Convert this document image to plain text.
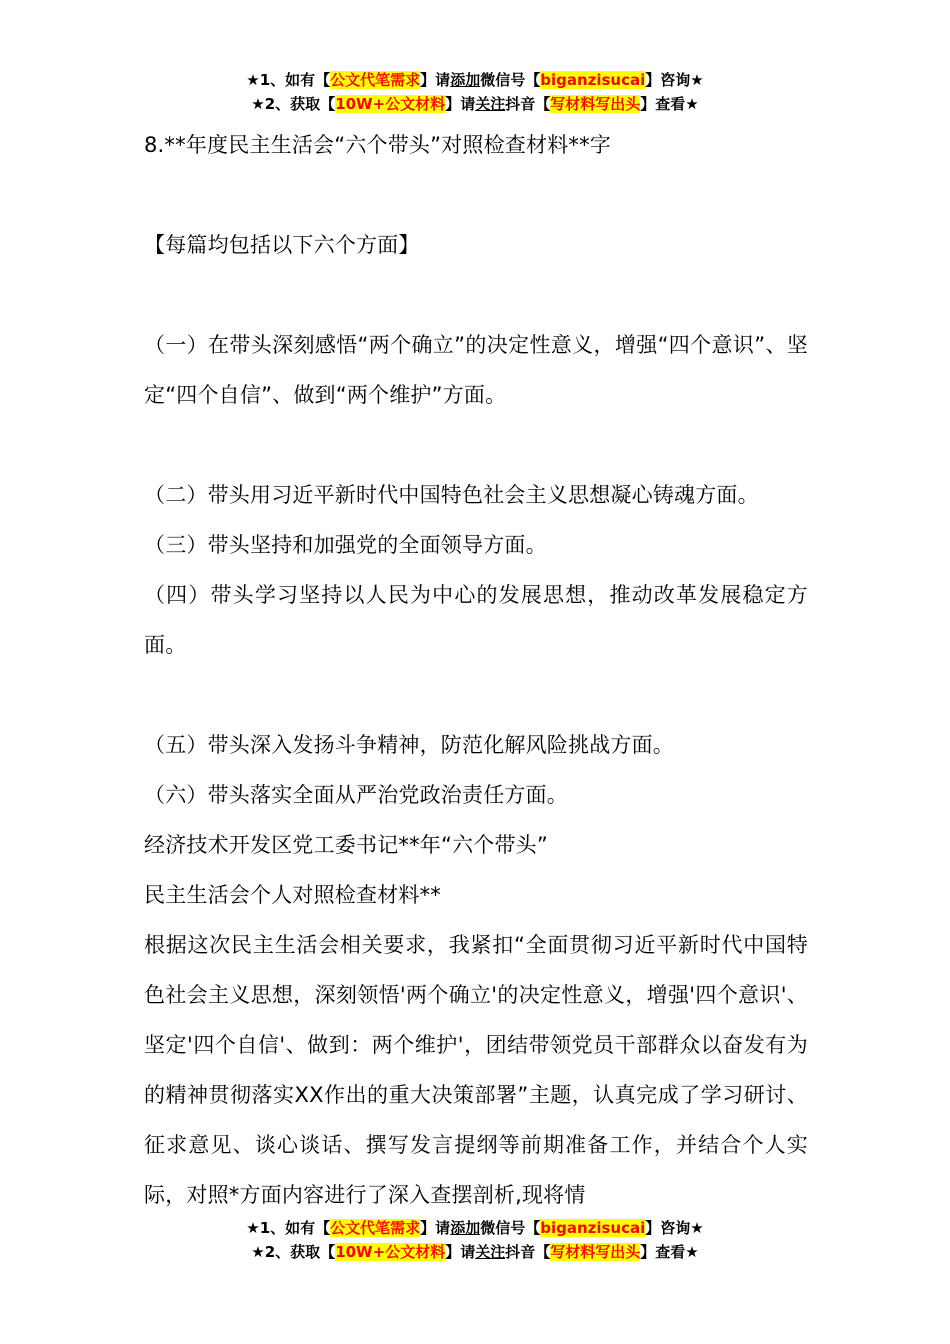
★1、如有【公文代笔需求】请添加微信号【biganzisucai】咨询★
★2、获取【10W+公文材料】请关注抖音【写材料写出头】查看★

8.**年度民主生活会“六个带头”对照检查材料**字

【每篇均包括以下六个方面】

（一）在带头深刻感悟“两个确立”的决定性意义，增强“四个意识”、坚定“四个自信”、做到“两个维护”方面。

（二）带头用习近平新时代中国特色社会主义思想凝心铸魂方面。

（三）带头坚持和加强党的全面领导方面。

（四）带头学习坚持以人民为中心的发展思想，推动改革发展稳定方面。

（五）带头深入发扬斗争精神，防范化解风险挑战方面。

（六）带头落实全面从严治党政治责任方面。

经济技术开发区党工委书记**年“六个带头”

民主生活会个人对照检查材料**

根据这次民主生活会相关要求，我紧扣“全面贯彻习近平新时代中国特色社会主义思想，深刻领悟'两个确立'的决定性意义，增强'四个意识'、坚定'四个自信'、做到：两个维护'，团结带领党员干部群众以奋发有为的精神贯彻落实XX作出的重大决策部署”主题，认真完成了学习研讨、征求意见、谈心谈话、撰写发言提纲等前期准备工作，并结合个人实际，对照*方面内容进行了深入查摆剖析,现将情

★1、如有【公文代笔需求】请添加微信号【biganzisucai】咨询★
★2、获取【10W+公文材料】请关注抖音【写材料写出头】查看★
